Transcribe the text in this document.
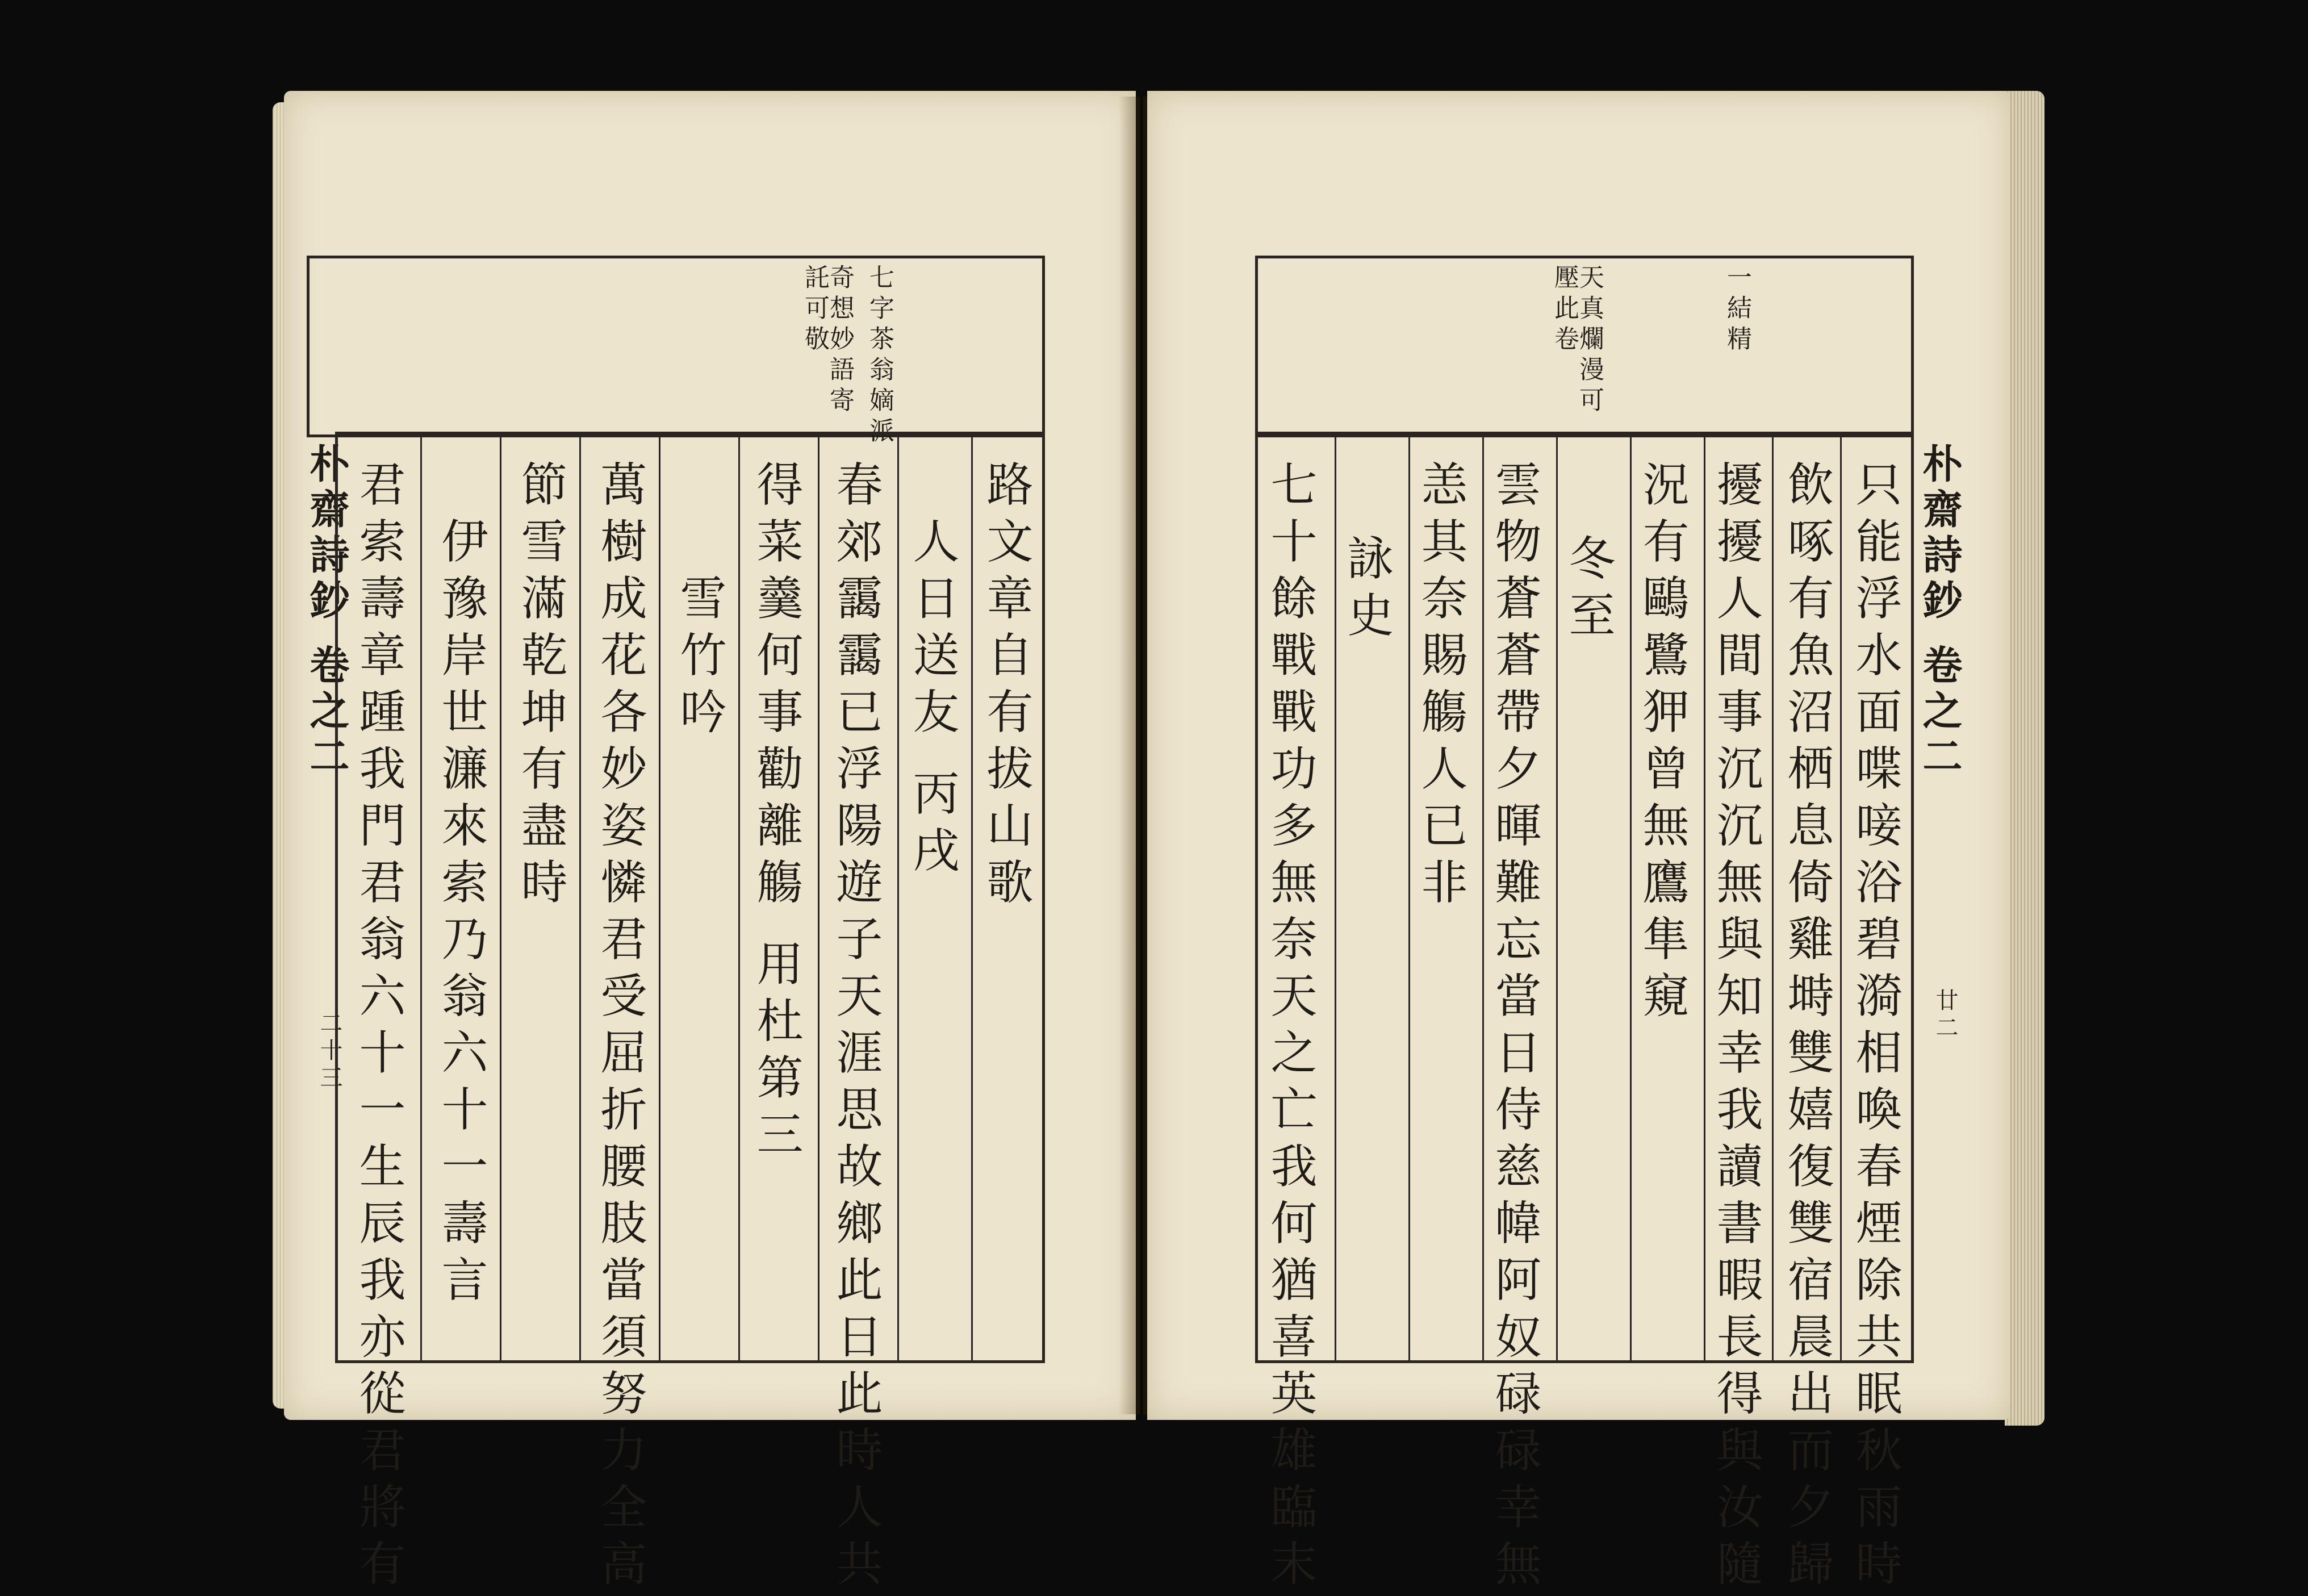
朴齋詩鈔 卷之二
二十三
七字茶翁嫡派
奇想妙語寄託可敬
路文章自有拔山歌
人日送友 丙戌
春郊靄靄已浮陽遊子天涯思故鄉此日此時人共
得菜羹何事勸離觴 用杜第三
雪竹吟
萬樹成花各妙姿憐君受屈折腰肢當須努力全高
節雪滿乾坤有盡時
伊豫岸世濂來索乃翁六十一壽言
君索壽章踵我門君翁六十一生辰我亦從君將有	朴齋詩鈔 卷之二
廿二
一結精
天真爛漫可壓此卷
只能浮水面喋唼浴碧漪相喚春煙除共眠秋雨時
飲啄有魚沼栖息倚雞塒雙嬉復雙宿晨出而夕歸
擾擾人間事沉沉無與知幸我讀書暇長得與汝隨
況有鷗鷺狎曾無鷹隼窺
冬至
雲物蒼蒼帶夕暉難忘當日侍慈幃阿奴碌碌幸無
恙其奈賜觴人已非
詠史
七十餘戰戰功多無奈天之亡我何猶喜英雄臨末
